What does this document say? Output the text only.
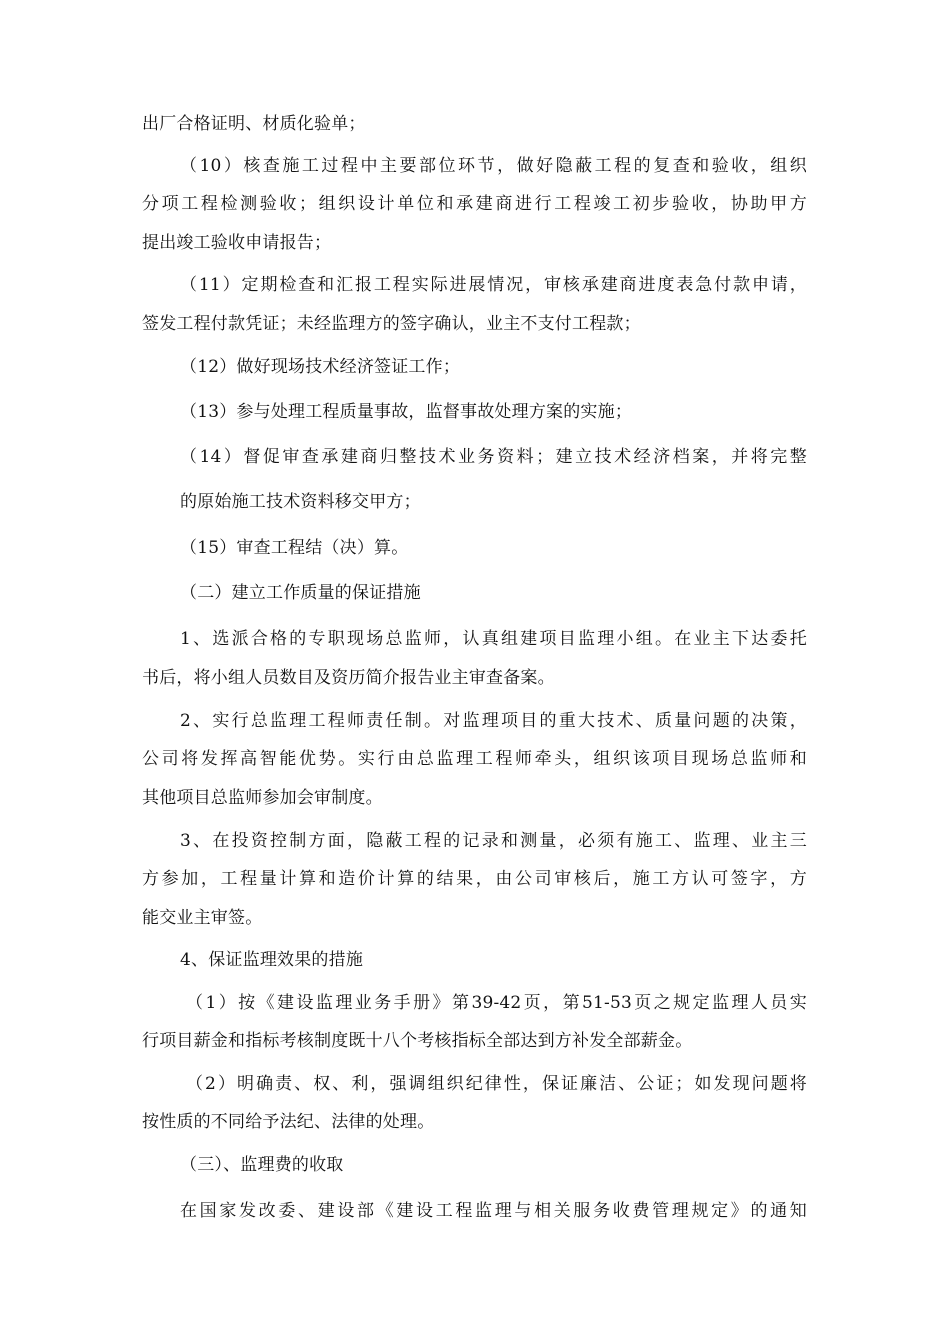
出厂合格证明、材质化验单；
（10）核查施工过程中主要部位环节，做好隐蔽工程的复查和验收，组织
分项工程检测验收；组织设计单位和承建商进行工程竣工初步验收，协助甲方
提出竣工验收申请报告；
（11）定期检查和汇报工程实际进展情况，审核承建商进度表急付款申请，
签发工程付款凭证；未经监理方的签字确认，业主不支付工程款；
（12）做好现场技术经济签证工作；
（13）参与处理工程质量事故，监督事故处理方案的实施；
（14）督促审查承建商归整技术业务资料；建立技术经济档案，并将完整
的原始施工技术资料移交甲方；
（15）审查工程结（决）算。
（二）建立工作质量的保证措施
1、选派合格的专职现场总监师，认真组建项目监理小组。在业主下达委托
书后，将小组人员数目及资历简介报告业主审查备案。
2、实行总监理工程师责任制。对监理项目的重大技术、质量问题的决策，
公司将发挥高智能优势。实行由总监理工程师牵头，组织该项目现场总监师和
其他项目总监师参加会审制度。
3、在投资控制方面，隐蔽工程的记录和测量，必须有施工、监理、业主三
方参加，工程量计算和造价计算的结果，由公司审核后，施工方认可签字，方
能交业主审签。
4、保证监理效果的措施
（1）按《建设监理业务手册》第39-42页，第51-53页之规定监理人员实
行项目薪金和指标考核制度既十八个考核指标全部达到方补发全部薪金。
（2）明确责、权、利，强调组织纪律性，保证廉洁、公证；如发现问题将
按性质的不同给予法纪、法律的处理。
（三）、监理费的收取
在国家发改委、建设部《建设工程监理与相关服务收费管理规定》的通知
